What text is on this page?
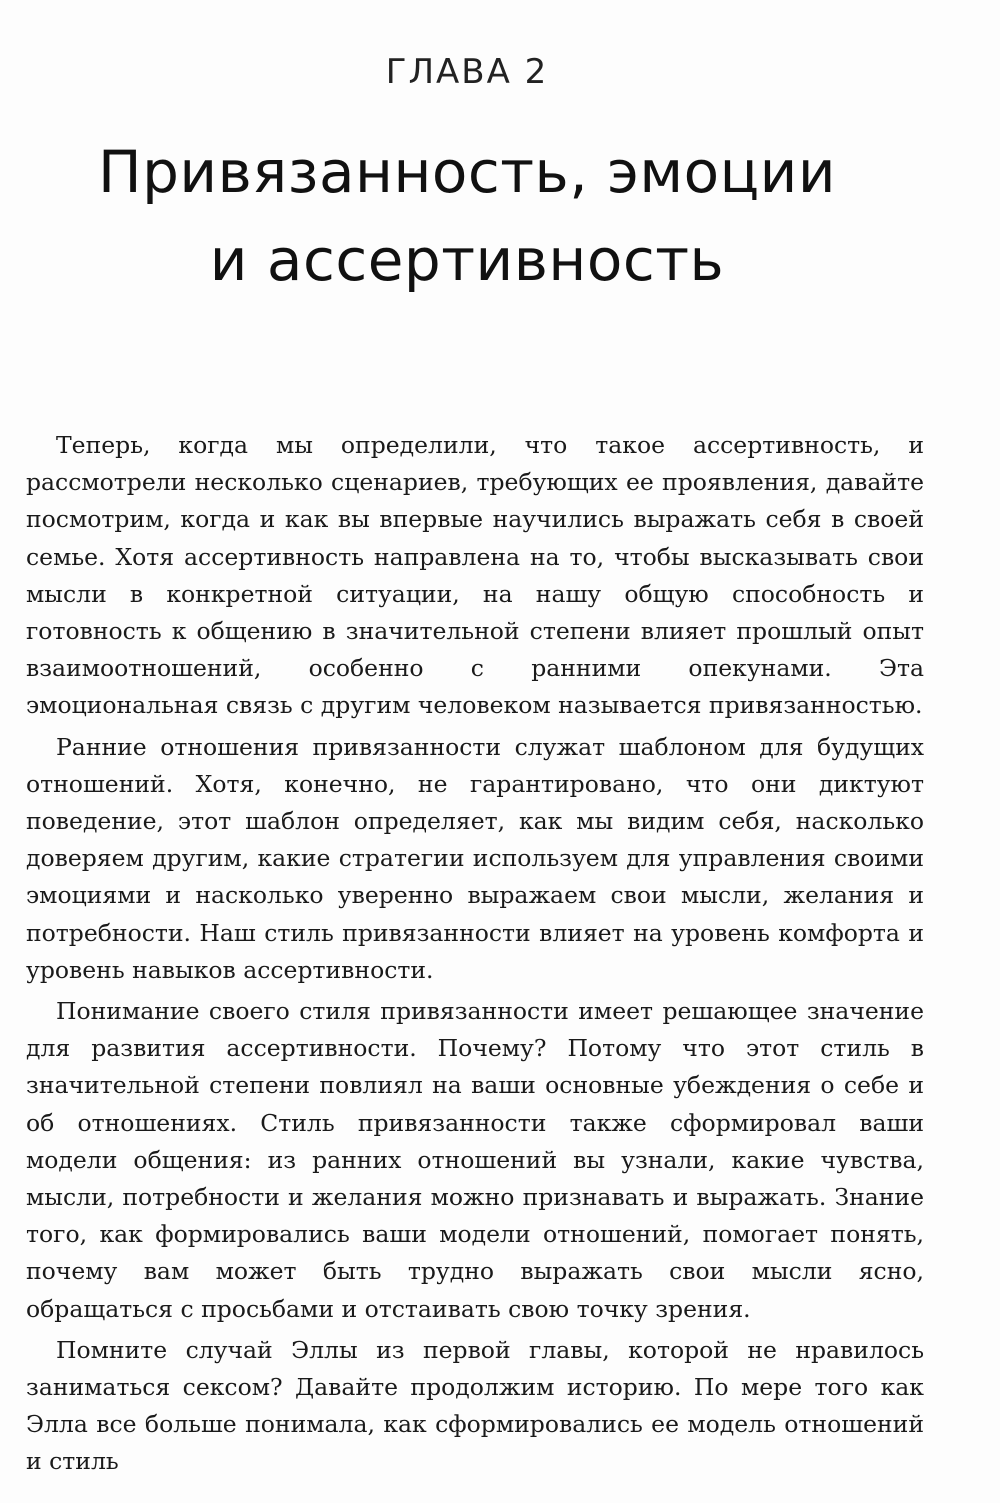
ГЛАВА 2
Привязанность, эмоции
и ассертивность

Теперь, когда мы определили, что такое ассертивность, и рассмотрели несколько сценариев, требующих ее проявления, давайте посмотрим, когда и как вы впервые научились выражать себя в своей семье. Хотя ассертивность направлена на то, чтобы высказывать свои мысли в конкретной ситуации, на нашу общую способность и готовность к общению в значительной степени влияет прошлый опыт взаимоотношений, особенно с ранними опекунами. Эта эмоциональная связь с другим человеком называется привязанностью.

Ранние отношения привязанности служат шаблоном для будущих отношений. Хотя, конечно, не гарантировано, что они диктуют поведение, этот шаблон определяет, как мы видим себя, насколько доверяем другим, какие стратегии используем для управления своими эмоциями и насколько уверенно выражаем свои мысли, желания и потребности. Наш стиль привязанности влияет на уровень комфорта и уровень навыков ассертивности.

Понимание своего стиля привязанности имеет решающее значение для развития ассертивности. Почему? Потому что этот стиль в значительной степени повлиял на ваши основные убеждения о себе и об отношениях. Стиль привязанности также сформировал ваши модели общения: из ранних отношений вы узнали, какие чувства, мысли, потребности и желания можно признавать и выражать. Знание того, как формировались ваши модели отношений, помогает понять, почему вам может быть трудно выражать свои мысли ясно, обращаться с просьбами и отстаивать свою точку зрения.

Помните случай Эллы из первой главы, которой не нравилось заниматься сексом? Давайте продолжим историю. По мере того как Элла все больше понимала, как сформировались ее модель отношений и стиль
